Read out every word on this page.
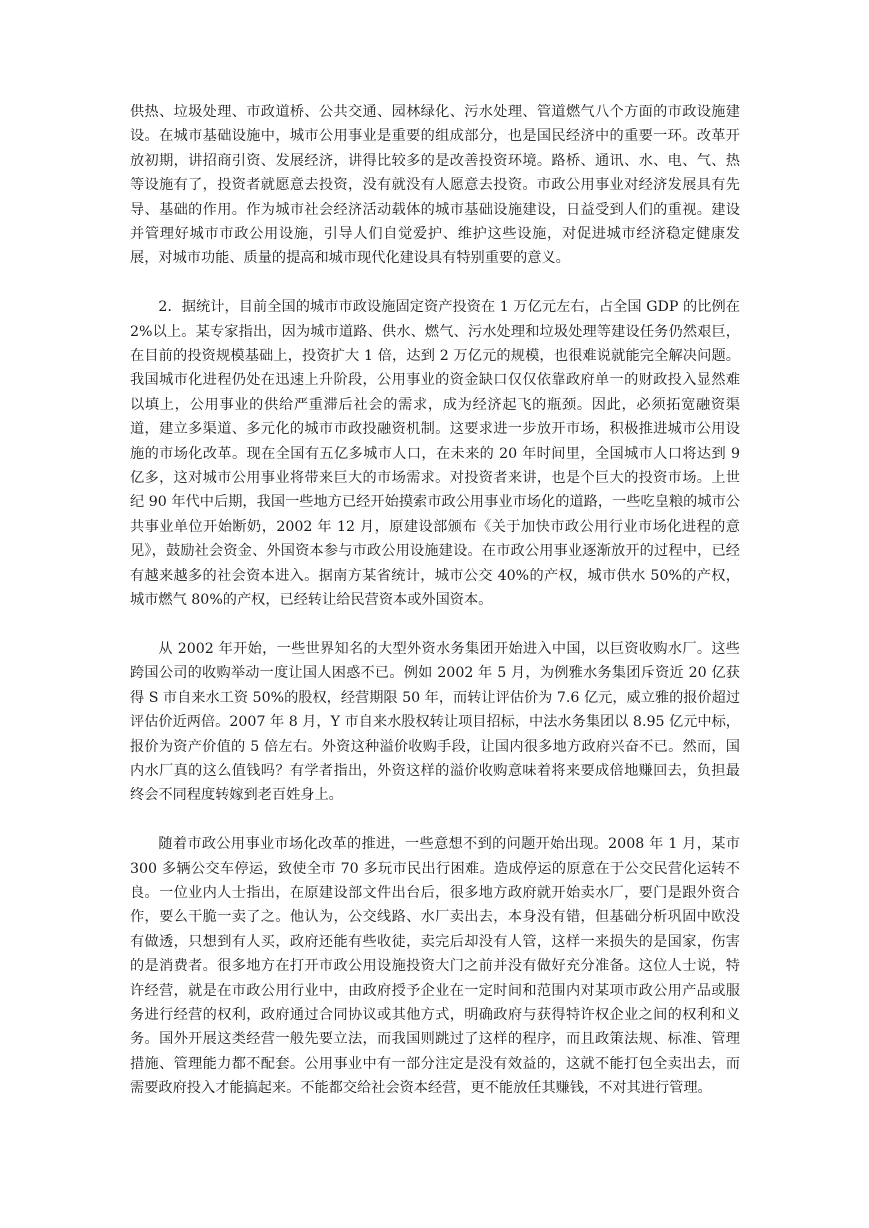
供热、垃圾处理、市政道桥、公共交通、园林绿化、污水处理、管道燃气八个方面的市政设施建设。在城市基础设施中，城市公用事业是重要的组成部分，也是国民经济中的重要一环。改革开放初期，讲招商引资、发展经济，讲得比较多的是改善投资环境。路桥、通讯、水、电、气、热等设施有了，投资者就愿意去投资，没有就没有人愿意去投资。市政公用事业对经济发展具有先导、基础的作用。作为城市社会经济活动载体的城市基础设施建设，日益受到人们的重视。建设并管理好城市市政公用设施，引导人们自觉爱护、维护这些设施，对促进城市经济稳定健康发展，对城市功能、质量的提高和城市现代化建设具有特别重要的意义。

2．据统计，目前全国的城市市政设施固定资产投资在 1 万亿元左右，占全国 GDP 的比例在 2%以上。某专家指出，因为城市道路、供水、燃气、污水处理和垃圾处理等建设任务仍然艰巨，在目前的投资规模基础上，投资扩大 1 倍，达到 2 万亿元的规模，也很难说就能完全解决问题。我国城市化进程仍处在迅速上升阶段，公用事业的资金缺口仅仅依靠政府单一的财政投入显然难以填上，公用事业的供给严重滞后社会的需求，成为经济起飞的瓶颈。因此，必须拓宽融资渠道，建立多渠道、多元化的城市市政投融资机制。这要求进一步放开市场，积极推进城市公用设施的市场化改革。现在全国有五亿多城市人口，在未来的 20 年时间里，全国城市人口将达到 9 亿多，这对城市公用事业将带来巨大的市场需求。对投资者来讲，也是个巨大的投资市场。上世纪 90 年代中后期，我国一些地方已经开始摸索市政公用事业市场化的道路，一些吃皇粮的城市公共事业单位开始断奶，2002 年 12 月，原建设部颁布《关于加快市政公用行业市场化进程的意见》，鼓励社会资金、外国资本参与市政公用设施建设。在市政公用事业逐渐放开的过程中，已经有越来越多的社会资本进入。据南方某省统计，城市公交 40%的产权，城市供水 50%的产权，城市燃气 80%的产权，已经转让给民营资本或外国资本。

从 2002 年开始，一些世界知名的大型外资水务集团开始进入中国，以巨资收购水厂。这些跨国公司的收购举动一度让国人困惑不已。例如 2002 年 5 月，为例雅水务集团斥资近 20 亿获得 S 市自来水工资 50%的股权，经营期限 50 年，而转让评估价为 7.6 亿元，威立雅的报价超过评估价近两倍。2007 年 8 月，Y 市自来水股权转让项目招标，中法水务集团以 8.95 亿元中标，报价为资产价值的 5 倍左右。外资这种溢价收购手段，让国内很多地方政府兴奋不已。然而，国内水厂真的这么值钱吗？有学者指出，外资这样的溢价收购意味着将来要成倍地赚回去，负担最终会不同程度转嫁到老百姓身上。

随着市政公用事业市场化改革的推进，一些意想不到的问题开始出现。2008 年 1 月，某市 300 多辆公交车停运，致使全市 70 多玩市民出行困难。造成停运的原意在于公交民营化运转不良。一位业内人士指出，在原建设部文件出台后，很多地方政府就开始卖水厂，要门是跟外资合作，要么干脆一卖了之。他认为，公交线路、水厂卖出去，本身没有错，但基础分析巩固中欧没有做透，只想到有人买，政府还能有些收徒，卖完后却没有人管，这样一来损失的是国家，伤害的是消费者。很多地方在打开市政公用设施投资大门之前并没有做好充分准备。这位人士说，特许经营，就是在市政公用行业中，由政府授予企业在一定时间和范围内对某项市政公用产品或服务进行经营的权利，政府通过合同协议或其他方式，明确政府与获得特许权企业之间的权利和义务。国外开展这类经营一般先要立法，而我国则跳过了这样的程序，而且政策法规、标准、管理措施、管理能力都不配套。公用事业中有一部分注定是没有效益的，这就不能打包全卖出去，而需要政府投入才能搞起来。不能都交给社会资本经营，更不能放任其赚钱，不对其进行管理。
